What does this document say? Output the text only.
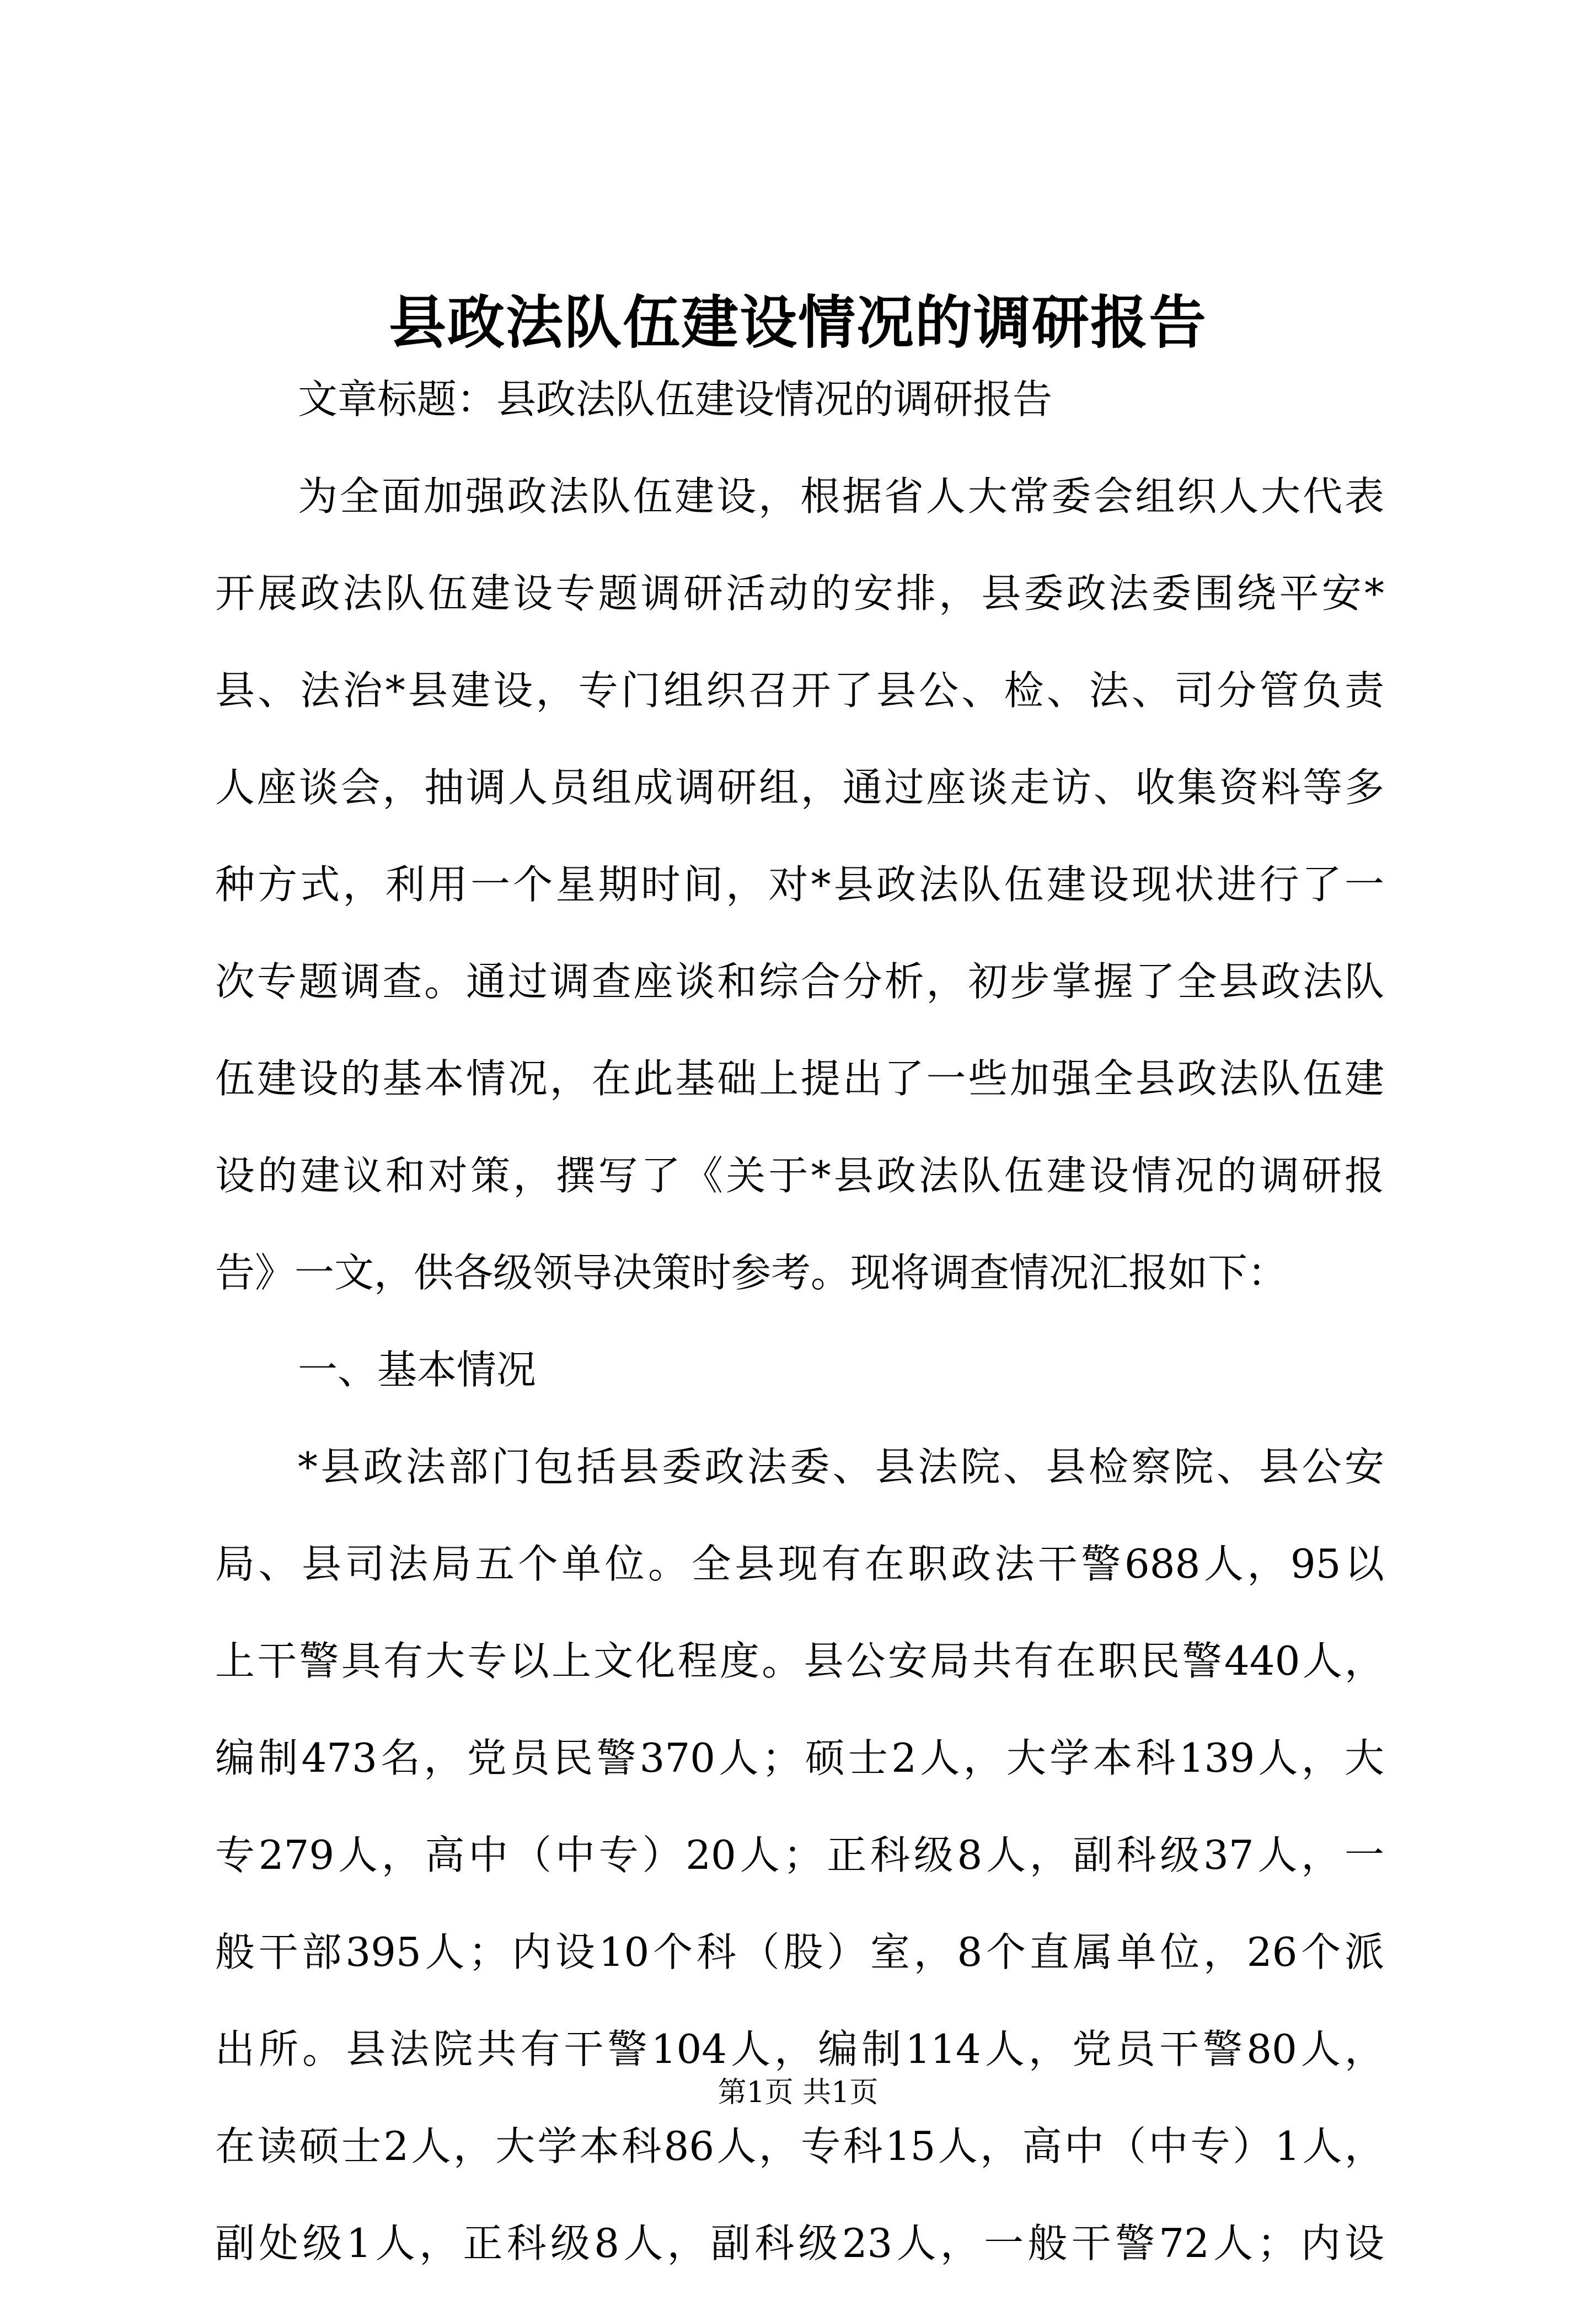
县政法队伍建设情况的调研报告
文章标题：县政法队伍建设情况的调研报告
为全面加强政法队伍建设，根据省人大常委会组织人大代表
开展政法队伍建设专题调研活动的安排，县委政法委围绕平安*
县、法治*县建设，专门组织召开了县公、检、法、司分管负责
人座谈会，抽调人员组成调研组，通过座谈走访、收集资料等多
种方式，利用一个星期时间，对*县政法队伍建设现状进行了一
次专题调查。通过调查座谈和综合分析，初步掌握了全县政法队
伍建设的基本情况，在此基础上提出了一些加强全县政法队伍建
设的建议和对策，撰写了《关于*县政法队伍建设情况的调研报
告》一文，供各级领导决策时参考。现将调查情况汇报如下：
一、基本情况
*县政法部门包括县委政法委、县法院、县检察院、县公安
局、县司法局五个单位。全县现有在职政法干警688人，95以
上干警具有大专以上文化程度。县公安局共有在职民警440人，
编制473名，党员民警370人；硕士2人，大学本科139人，大
专279人，高中（中专）20人；正科级8人，副科级37人，一
般干部395人；内设10个科（股）室，8个直属单位，26个派
出所。县法院共有干警104人，编制114人，党员干警80人，
在读硕士2人，大学本科86人，专科15人，高中（中专）1人，
副处级1人，正科级8人，副科级23人，一般干警72人；内设
第1页 共1页
